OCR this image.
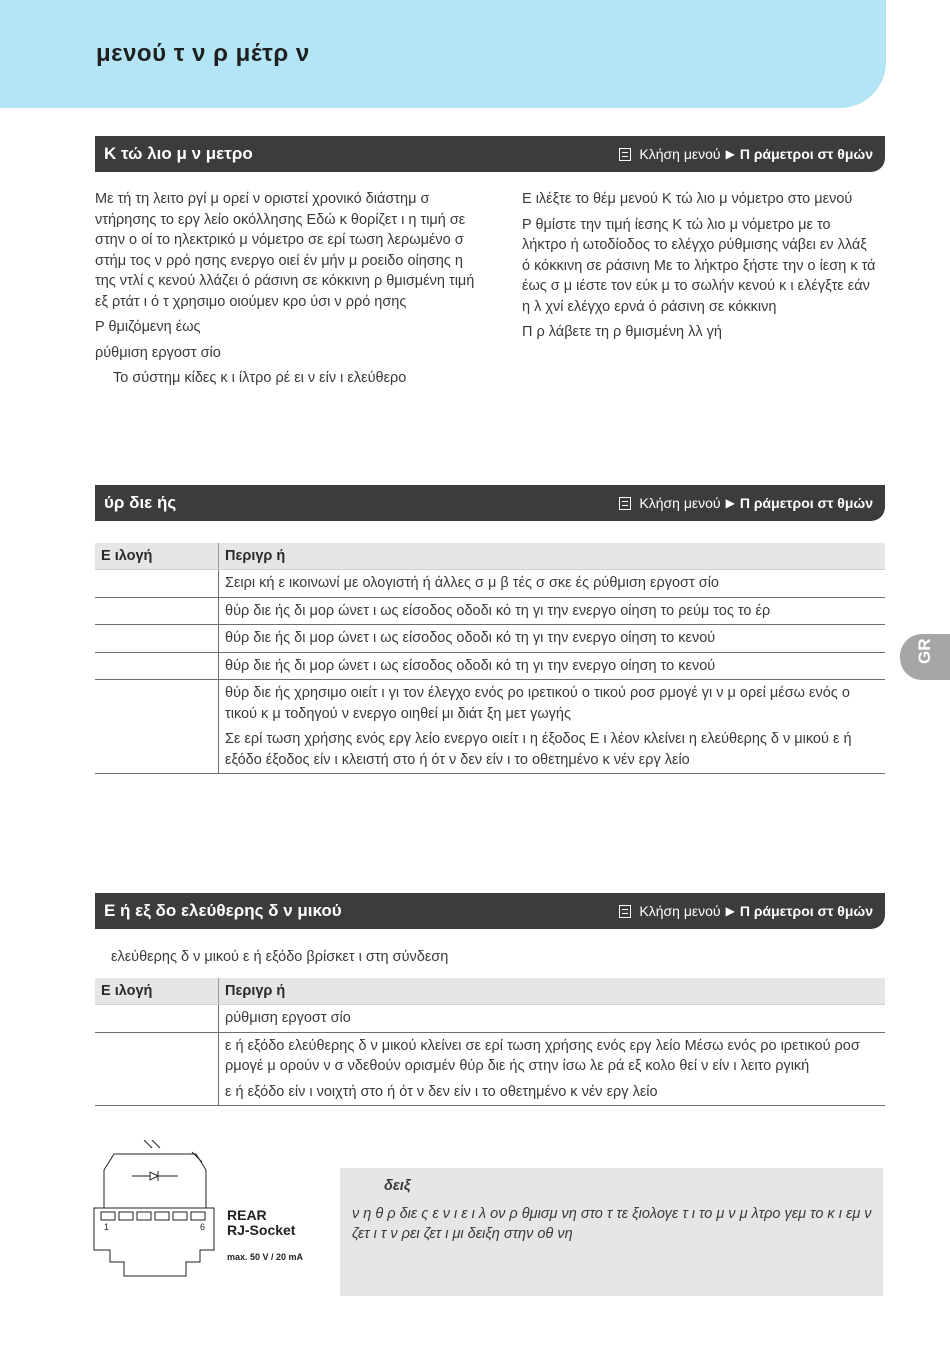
μενού τ ν ρ μέτρ ν
GR
Κ τώ λιο μ ν μετρο	Κλήση μενού ▶ Π ράμετροι στ θμών

Με τή τη λειτο ργί μ ορεί ν οριστεί χρονικό διάστημ σ ντήρησης το εργ λείο οκόλλησης Εδώ κ θορίζετ ι η τιμή σε στην ο οί το ηλεκτρικό μ νόμετρο σε ερί τωση λερωμένο σ στήμ τος ν ρρό ησης ενεργο οιεί έν μήν μ ροειδο οίησης η της ντλί ς κενού λλάζει ό ράσινη σε κόκκινη ρ θμισμένη τιμή εξ ρτάτ ι ό τ χρησιμο οιούμεν κρο ύσι ν ρρό ησης

Ρ θμιζόμενη έως

ρύθμιση εργοστ σίο

Το σύστημ κίδες κ ι ίλτρο ρέ ει ν είν ι ελεύθερο

Ε ιλέξτε το θέμ μενού Κ τώ λιο μ νόμετρο στο μενού

Ρ θμίστε την τιμή ίεσης Κ τώ λιο μ νόμετρο με το λήκτρο ή ωτοδίοδος το ελέγχο ρύθμισης νάβει εν λλάξ ό κόκκινη σε ράσινη Με το λήκτρο ξήστε την ο ίεση κ τά έως σ μ ιέστε τον εύκ μ το σωλήν κενού κ ι ελέγξτε εάν η λ χνί ελέγχο ερνά ό ράσινη σε κόκκινη

Π ρ λάβετε τη ρ θμισμένη λλ γή

ύρ διε ής	Κλήση μενού ▶ Π ράμετροι στ θμών
Ε ιλογή	Περιγρ ή

	Σειρι κή ε ικοινωνί με ολογιστή ή άλλες σ μ β τές σ σκε ές ρύθμιση εργοστ σίο

	θύρ διε ής δι μορ ώνετ ι ως είσοδος οδοδι κό τη γι την ενεργο οίηση το ρεύμ τος το έρ

	θύρ διε ής δι μορ ώνετ ι ως είσοδος οδοδι κό τη γι την ενεργο οίηση το κενού

	θύρ διε ής δι μορ ώνετ ι ως είσοδος οδοδι κό τη γι την ενεργο οίηση το κενού

	θύρ διε ής χρησιμο οιείτ ι γι τον έλεγχο ενός ρο ιρετικού ο τικού ροσ ρμογέ γι ν μ ορεί μέσω ενός ο τικού κ μ τοδηγού ν ενεργο οιηθεί μι διάτ ξη μετ γωγής

Σε ερί τωση χρήσης ενός εργ λείο ενεργο οιείτ ι η έξοδος Ε ι λέον κλείνει η ελεύθερης δ ν μικού ε ή εξόδο έξοδος είν ι κλειστή στο ή ότ ν δεν είν ι το οθετημένο κ νέν εργ λείο

Ε ή εξ δο ελεύθερης δ ν μικού	Κλήση μενού ▶ Π ράμετροι στ θμών
ελεύθερης δ ν μικού ε ή εξόδο βρίσκετ ι στη σύνδεση
Ε ιλογή	Περιγρ ή

	ρύθμιση εργοστ σίο

	ε ή εξόδο ελεύθερης δ ν μικού κλείνει σε ερί τωση χρήσης ενός εργ λείο Μέσω ενός ρο ιρετικού ροσ ρμογέ μ ορούν ν σ νδεθούν ορισμέν θύρ διε ής στην ίσω λε ρά εξ κολο θεί ν είν ι λειτο ργική

ε ή εξόδο είν ι νοιχτή στο ή ότ ν δεν είν ι το οθετημένο κ νέν εργ λείο

1	6
REAR
RJ-Socket
max. 50 V / 20 mA
δειξ
ν η θ ρ διε ς ε ν ι ε ι λ ον ρ θμισμ νη στο τ τε ξιολογε τ ι το μ ν μ λτρο γεμ το κ ι εμ ν ζετ ι τ ν ρει ζετ ι μι δειξη στην οθ νη
